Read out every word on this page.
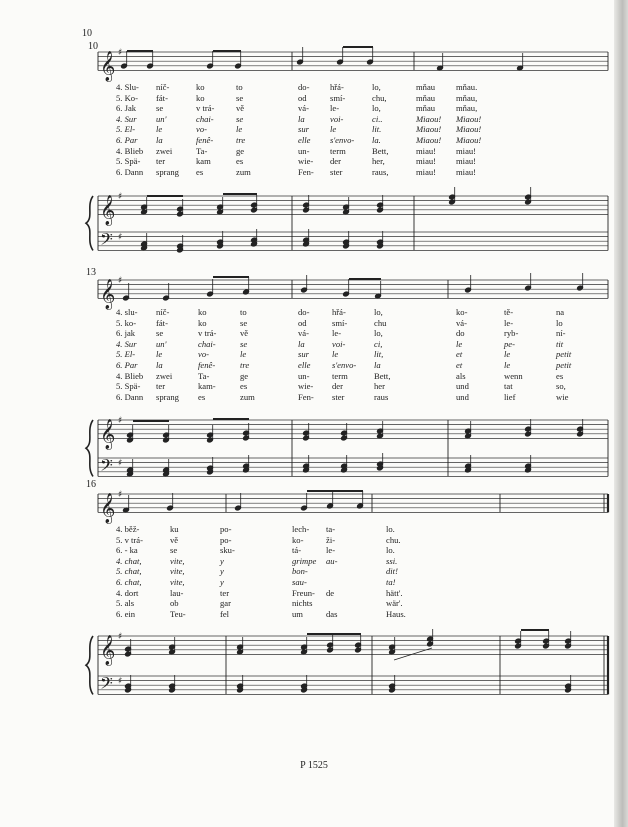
𝄞 ♯
𝄞 ♯
𝄢 ♯
𝄞 ♯
𝄞 ♯
𝄢 ♯
𝄞 ♯
𝄞 ♯
𝄢 ♯
10
10
13
16
4. Slu- níč-	ko	to	do- hřá-	lo,	mňau mňau.
5. Ko- fát-	ko	se	od	smí-	chu,	mňau mňau,
6. Jak se	v trá-	vě	vá- le-	lo,	mňau mňau,
4. Sur un'	chai-	se	la	voi-	ci..	Miaou! Miaou!
5. El- le	vo-	le	sur le	lit.	Miaou! Miaou!
6. Par la	fenê-	tre	elle s'envo- la.	Miaou! Miaou!
4. Blieb zwei	Ta-	ge	un- term	Bett,	miau! miau!
5. Spä- ter	kam	es	wie- der	her,	miau! miau!
6. Dann sprang es	zum	Fen- ster	raus,	miau! miau!
4. slu- níč-	ko	to	do-	hřá-	lo,	ko-	tě-	na
5. ko- fát-	ko	se	od	smí-	chu	vá-	le-	lo
6. jak se	v trá-	vě	vá-	le-	lo,	do	ryb-	ní-
4. Sur un'	chai-	se	la	voi-	ci,	le	pe-	tit
5. El- le	vo-	le	sur	le	lit,	et	le	petit
6. Par la	fenê-	tre	elle	s'envo- la	et	le	petit
4. Blieb zwei	Ta-	ge	un-	term	Bett,	als	wenn	es
5. Spä- ter	kam-	es	wie- der	her	und	tat	so,
6. Dann sprang es	zum	Fen- ster	raus	und	lief	wie
4. běž-	ku	po-	lech- ta-	lo.
5. v trá-	vě	po-	ko-	ži-	chu.
6. - ka	se	sku-	tá-	le-	lo.
4. chat,	vite,	y	grimpe au-	ssi.
5. chat,	vite,	y	bon-	dit!
6. chat,	vite,	y	sau-	ta!
4. dort	lau-	ter	Freun- de	hätt'.
5. als	ob	gar	nichts	wär'.
6. ein	Teu-	fel	um	das	Haus.
P 1525
